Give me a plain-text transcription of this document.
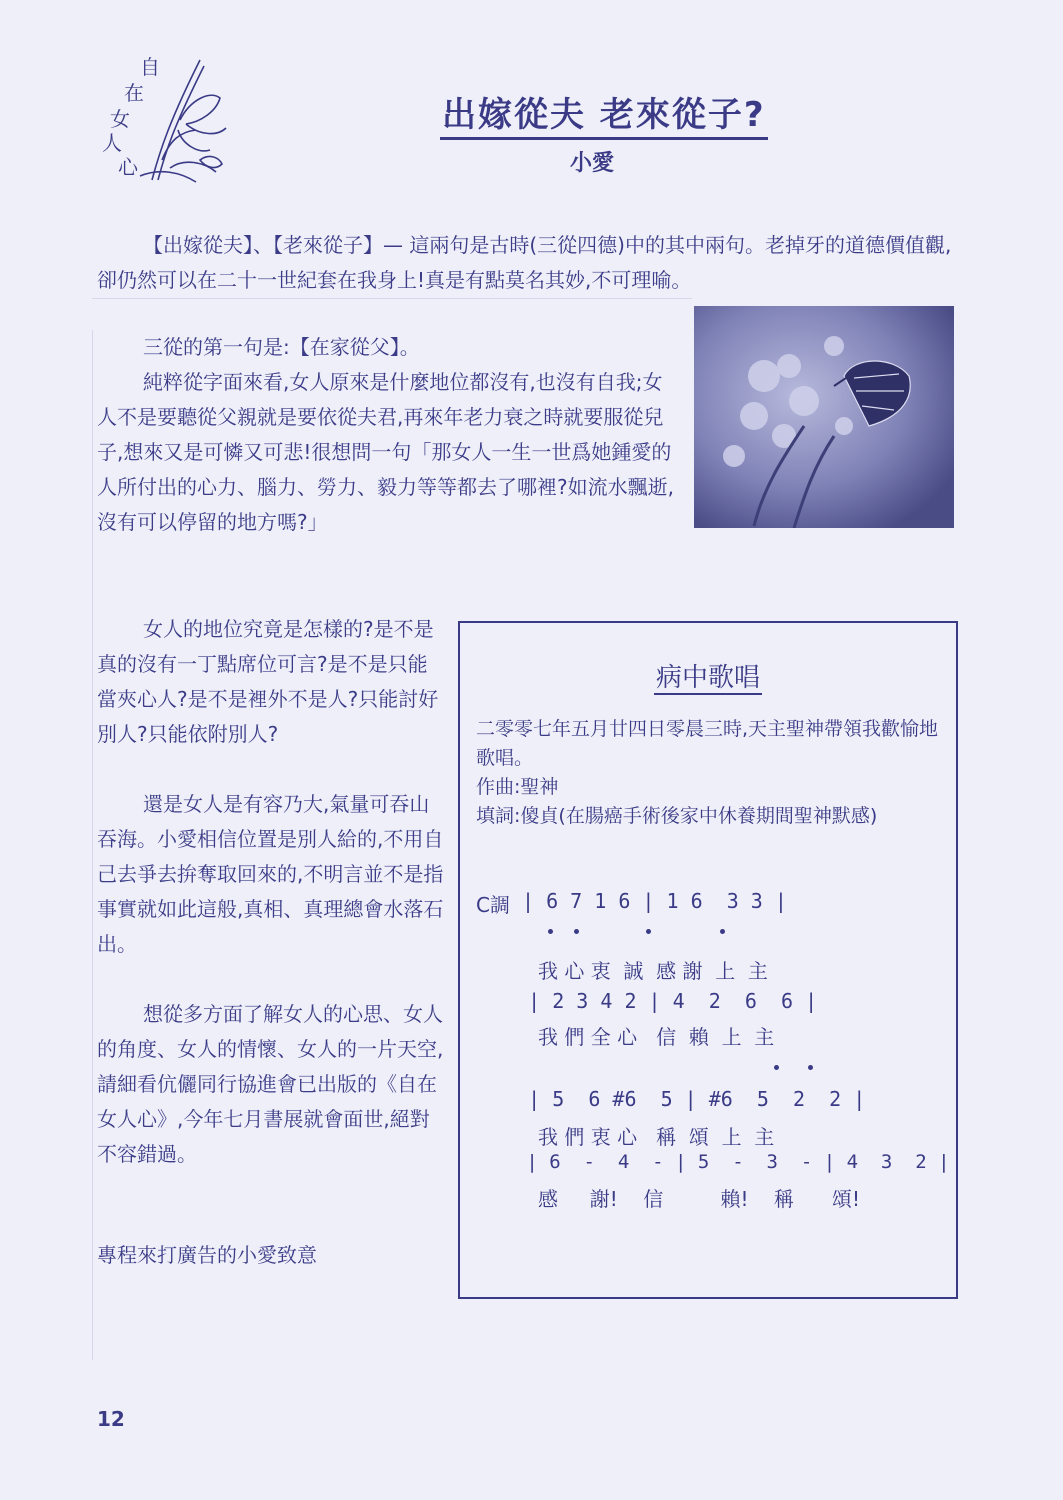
自
在
女
人
心
出嫁從夫 老來從子?
小愛

【出嫁從夫】、【老來從子】— 這兩句是古時(三從四德)中的其中兩句。老掉牙的道德價值觀,卻仍然可以在二十一世紀套在我身上!真是有點莫名其妙,不可理喻。

三從的第一句是:【在家從父】。

純粹從字面來看,女人原來是什麼地位都沒有,也沒有自我;女人不是要聽從父親就是要依從夫君,再來年老力衰之時就要服從兒子,想來又是可憐又可悲!很想問一句「那女人一生一世爲她鍾愛的人所付出的心力、腦力、勞力、毅力等等都去了哪裡?如流水飄逝,沒有可以停留的地方嗎?」

女人的地位究竟是怎樣的?是不是真的沒有一丁點席位可言?是不是只能當夾心人?是不是裡外不是人?只能討好別人?只能依附別人?

還是女人是有容乃大,氣量可吞山吞海。小愛相信位置是別人給的,不用自己去爭去拚奪取回來的,不明言並不是指事實就如此這般,真相、真理總會水落石出。

想從多方面了解女人的心思、女人的角度、女人的情懷、女人的一片天空,請細看伉儷同行協進會已出版的《自在女人心》,今年七月書展就會面世,絕對不容錯過。

專程來打廣告的小愛致意
病中歌唱
二零零七年五月廿四日零晨三時,天主聖神帶領我歡愉地歌唱。
作曲:聖神
填詞:傻貞(在腸癌手術後家中休養期間聖神默感)
C調 | 6 7 1 6 | 1 6  3 3 |
我 心 衷  誠  感 謝  上  主
| 2 3 4 2 | 4  2  6  6 |
我 們 全 心   信  賴  上  主
| 5  6 #6  5 | #6  5  2  2 |
我 們 衷 心   稱  頌  上  主
| 6  -  4  - | 5  -  3  - | 4  3  2 |
感     謝!    信         賴!    稱      頌!
12
